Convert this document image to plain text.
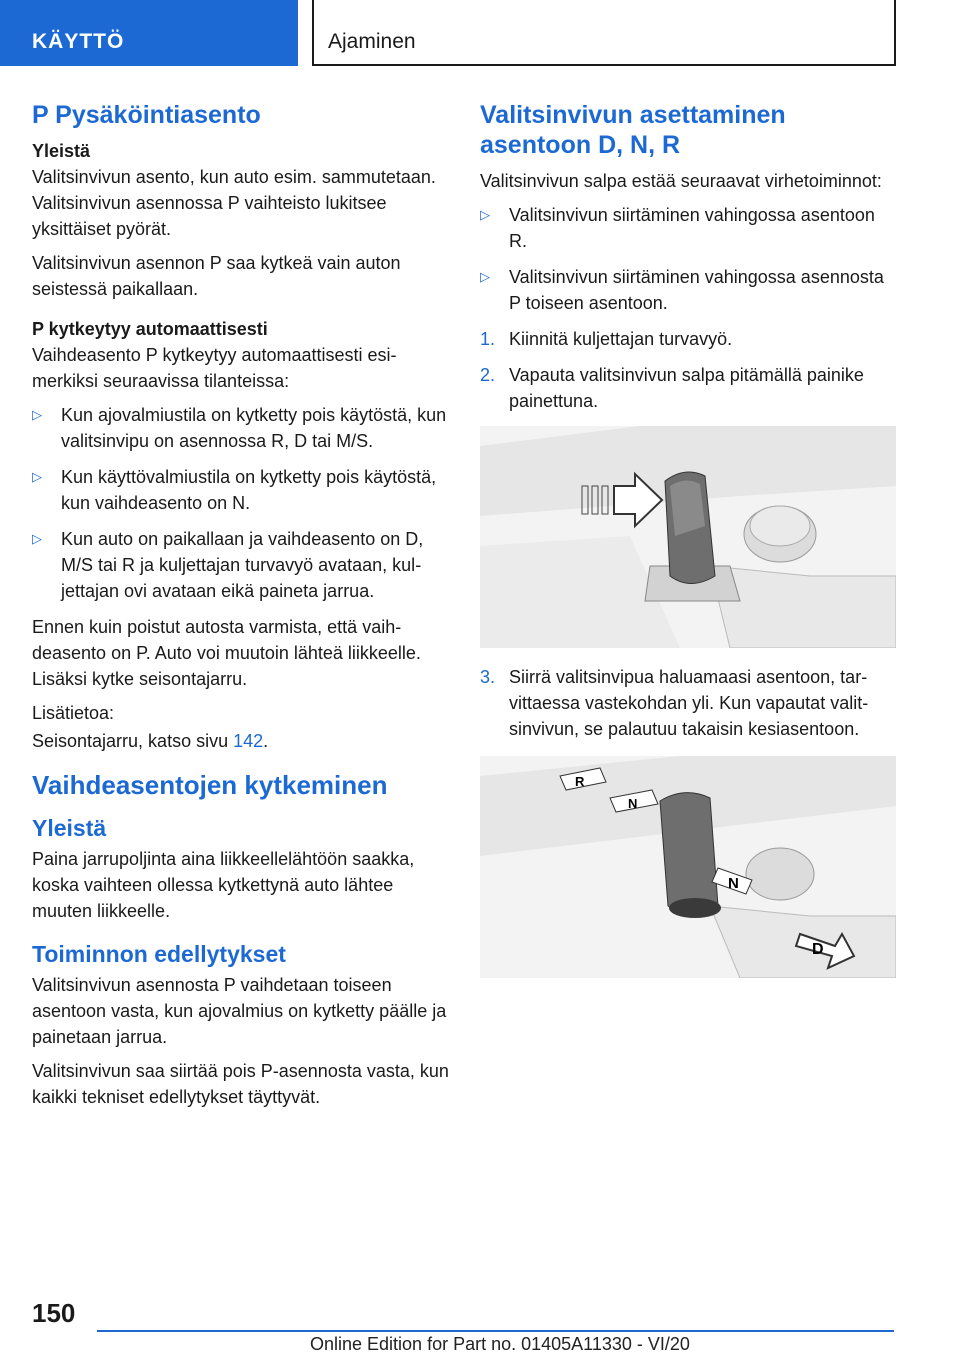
KÄYTTÖ	Ajaminen
P Pysäköintiasento
Yleistä
Valitsinvivun asento, kun auto esim. sammutetaan. Valitsinvivun asennossa P vaihteisto lukitsee yksittäiset pyörät.
Valitsinvivun asennon P saa kytkeä vain auton seistessä paikallaan.
P kytkeytyy automaattisesti
Vaihdeasento P kytkeytyy automaattisesti esimerkiksi seuraavissa tilanteissa:
▷ Kun ajovalmiustila on kytketty pois käytöstä, kun valitsinvipu on asennossa R, D tai M/S.
▷ Kun käyttövalmiustila on kytketty pois käytöstä, kun vaihdeasento on N.
▷ Kun auto on paikallaan ja vaihdeasento on D, M/S tai R ja kuljettajan turvavyö avataan, kuljettajan ovi avataan eikä paineta jarrua.
Ennen kuin poistut autosta varmista, että vaihdeasento on P. Auto voi muutoin lähteä liikkeelle. Lisäksi kytke seisontajarru.
Lisätietoa:
Seisontajarru, katso sivu 142.
Vaihdeasentojen kytkeminen
Yleistä
Paina jarrupoljinta aina liikkeellelähtöön saakka, koska vaihteen ollessa kytkettynä auto lähtee muuten liikkeelle.
Toiminnon edellytykset
Valitsinvivun asennosta P vaihdetaan toiseen asentoon vasta, kun ajovalmius on kytketty päälle ja painetaan jarrua.
Valitsinvivun saa siirtää pois P-asennosta vasta, kun kaikki tekniset edellytykset täyttyvät.
Valitsinvivun asettaminen asentoon D, N, R
Valitsinvivun salpa estää seuraavat virhetoiminnot:
▷ Valitsinvivun siirtäminen vahingossa asentoon R.
▷ Valitsinvivun siirtäminen vahingossa asennosta P toiseen asentoon.
1. Kiinnitä kuljettajan turvavyö.
2. Vapauta valitsinvivun salpa pitämällä painike painettuna.
3. Siirrä valitsinvipua haluamaasi asentoon, tarvittaessa vastekohdan yli. Kun vapautat valitsinvivun, se palautuu takaisin kesiasentoon.
R
N
N
D
150
Online Edition for Part no. 01405A11330 - VI/20
